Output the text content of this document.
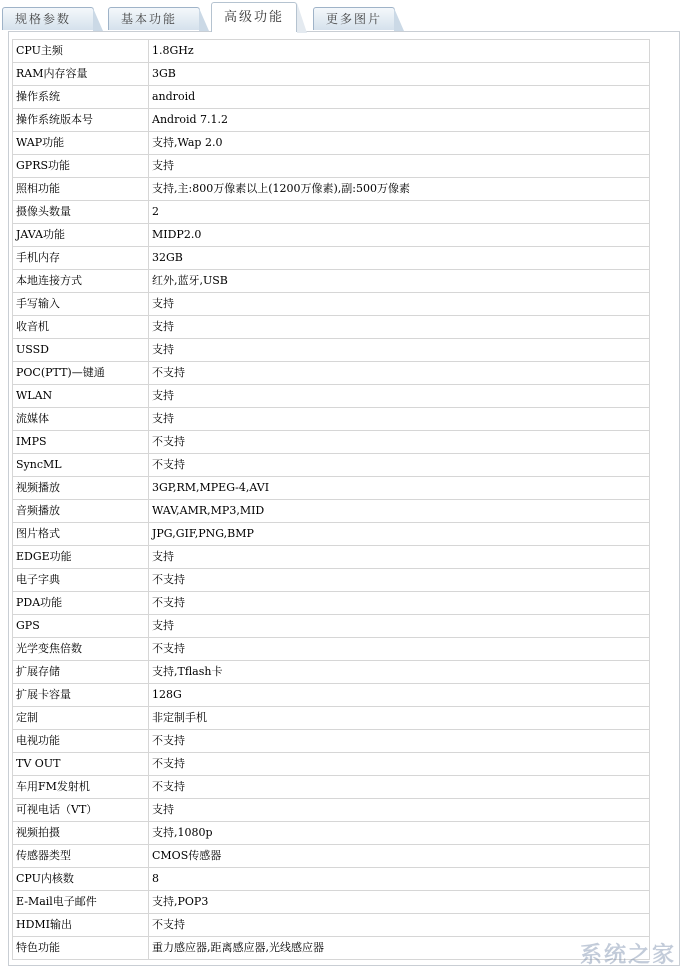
规格参数	基本功能	高级功能	更多图片
CPU主频	1.8GHz
RAM内存容量	3GB
操作系统	android
操作系统版本号	Android 7.1.2
WAP功能	支持,Wap 2.0
GPRS功能	支持
照相功能	支持,主:800万像素以上(1200万像素),副:500万像素
摄像头数量	2
JAVA功能	MIDP2.0
手机内存	32GB
本地连接方式	红外,蓝牙,USB
手写输入	支持
收音机	支持
USSD	支持
POC(PTT)—键通	不支持
WLAN	支持
流媒体	支持
IMPS	不支持
SyncML	不支持
视频播放	3GP,RM,MPEG-4,AVI
音频播放	WAV,AMR,MP3,MID
图片格式	JPG,GIF,PNG,BMP
EDGE功能	支持
电子字典	不支持
PDA功能	不支持
GPS	支持
光学变焦倍数	不支持
扩展存储	支持,Tflash卡
扩展卡容量	128G
定制	非定制手机
电视功能	不支持
TV OUT	不支持
车用FM发射机	不支持
可视电话（VT）	支持
视频拍摄	支持,1080p
传感器类型	CMOS传感器
CPU内核数	8
E-Mail电子邮件	支持,POP3
HDMI输出	不支持
特色功能	重力感应器,距离感应器,光线感应器	系统之家
